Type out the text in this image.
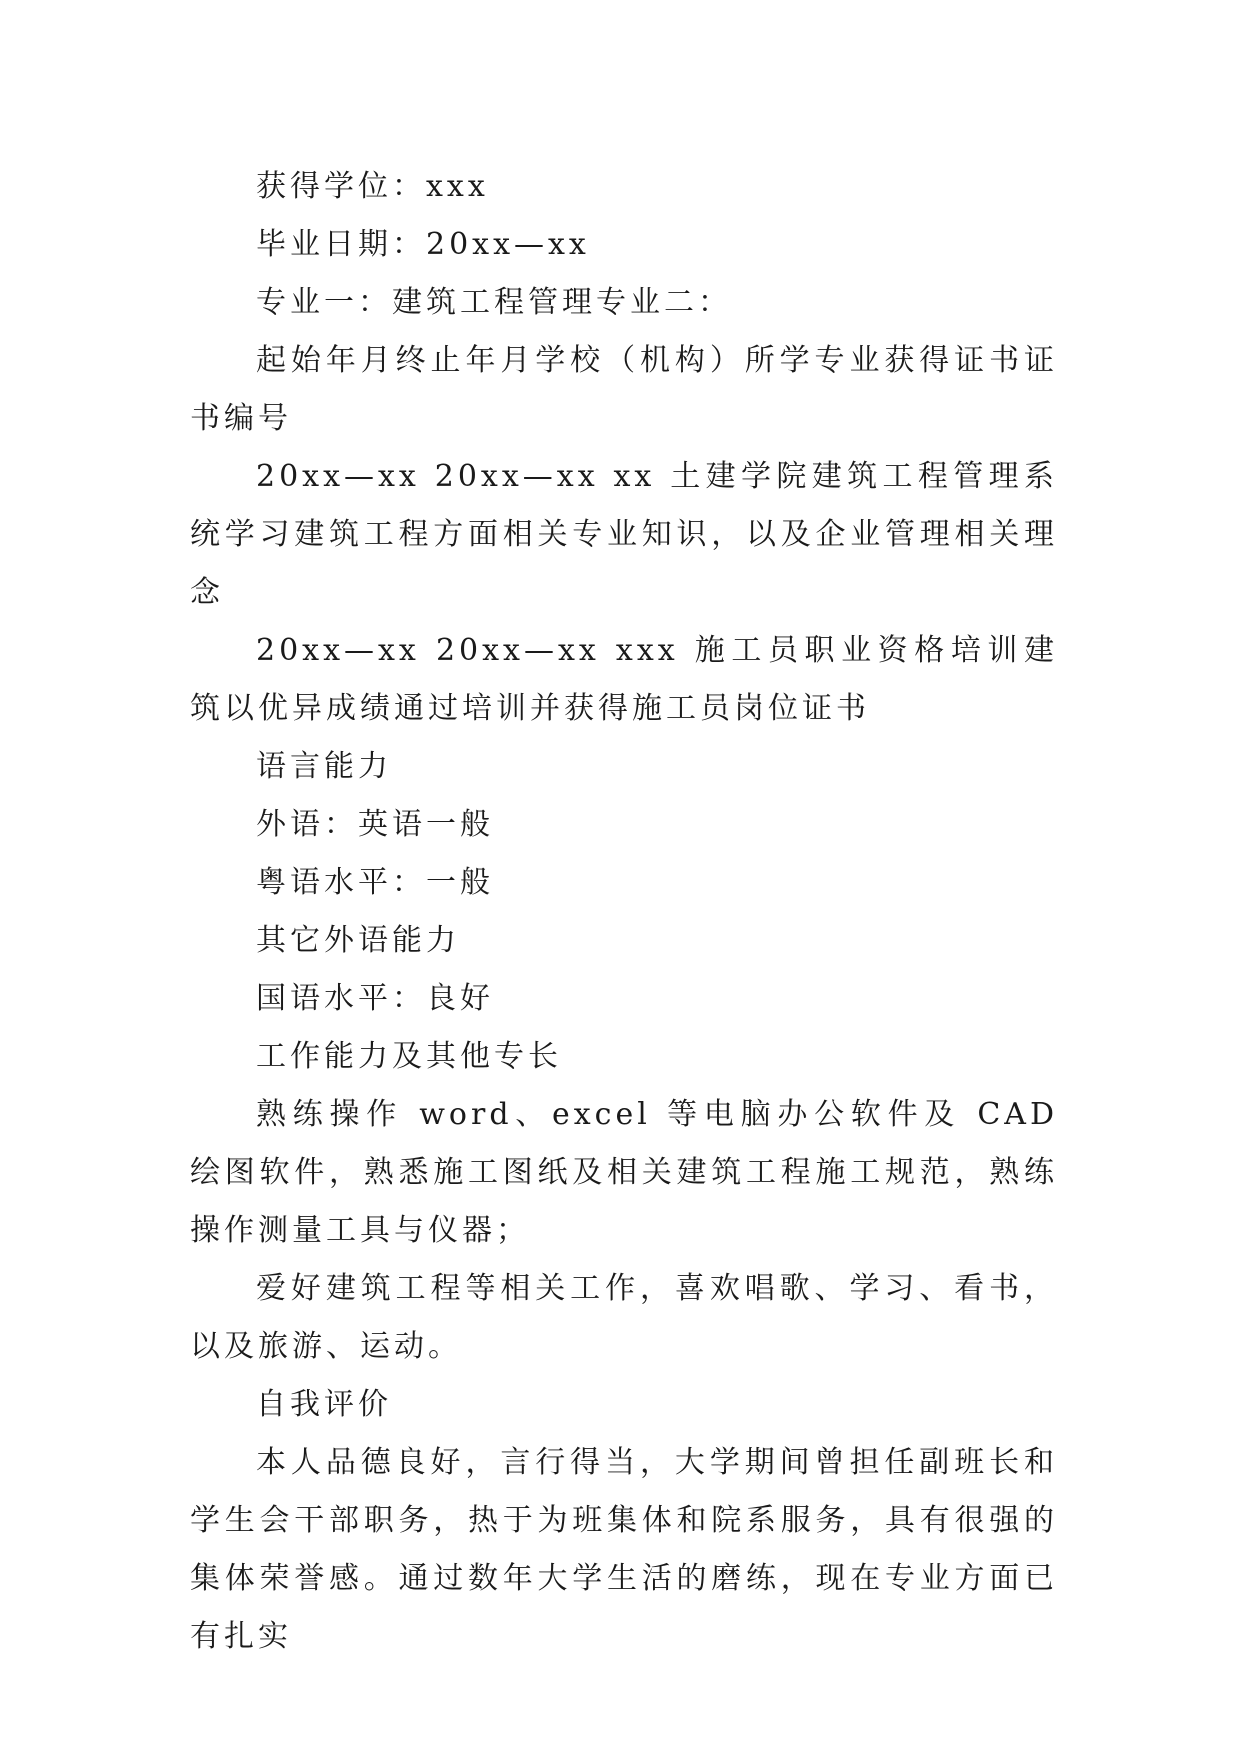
获得学位：xxx

毕业日期：20xx—xx

专业一：建筑工程管理专业二：

起始年月终止年月学校（机构）所学专业获得证书证书编号

20xx—xx 20xx—xx xx 土建学院建筑工程管理系统学习建筑工程方面相关专业知识，以及企业管理相关理念

20xx—xx 20xx—xx xxx 施工员职业资格培训建筑以优异成绩通过培训并获得施工员岗位证书

语言能力

外语：英语一般

粤语水平：一般

其它外语能力

国语水平：良好

工作能力及其他专长

熟练操作 word、excel 等电脑办公软件及 CAD 绘图软件，熟悉施工图纸及相关建筑工程施工规范，熟练操作测量工具与仪器；

爱好建筑工程等相关工作，喜欢唱歌、学习、看书，以及旅游、运动。

自我评价

本人品德良好，言行得当，大学期间曾担任副班长和学生会干部职务，热于为班集体和院系服务，具有很强的集体荣誉感。通过数年大学生活的磨练，现在专业方面已有扎实
